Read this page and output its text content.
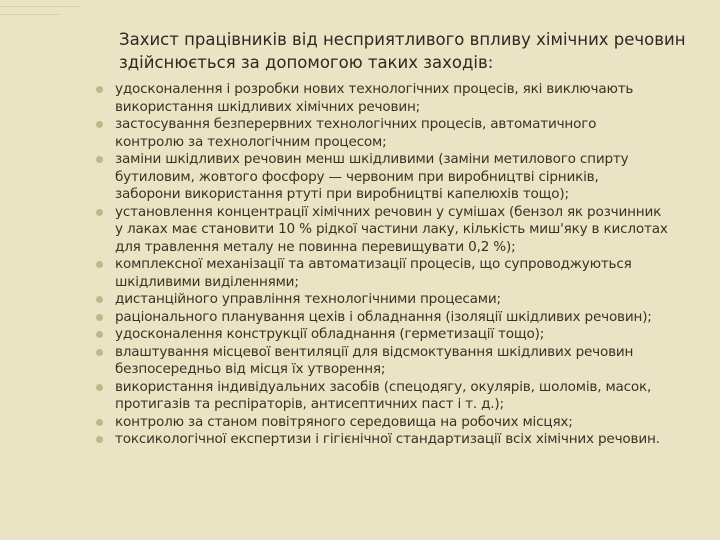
Захист працівників від несприятливого впливу хімічних речовин
здійснюється за допомогою таких заходів:
удосконалення і розробки нових технологічних процесів, які виключають
використання шкідливих хімічних речовин;
застосування безперервних технологічних процесів, автоматичного
контролю за технологічним процесом;
заміни шкідливих речовин менш шкідливими (заміни метилового спирту
бутиловим, жовтого фосфору — червоним при виробництві сірників,
заборони використання ртуті при виробництві капелюхів тощо);
установлення концентрації хімічних речовин у сумішах (бензол як розчинник
у лаках має становити 10 % рідкої частини лаку, кількість миш'яку в кислотах
для травлення металу не повинна перевищувати 0,2 %);
комплексної механізації та автоматизації процесів, що супроводжуються
шкідливими виділеннями;
дистанційного управління технологічними процесами;
раціонального планування цехів і обладнання (ізоляції шкідливих речовин);
удосконалення конструкції обладнання (герметизації тощо);
влаштування місцевої вентиляції для відсмоктування шкідливих речовин
безпосередньо від місця їх утворення;
використання індивідуальних засобів (спецодягу, окулярів, шоломів, масок,
протигазів та респіраторів, антисептичних паст і т. д.);
контролю за станом повітряного середовища на робочих місцях;
токсикологічної експертизи і гігієнічної стандартизації всіх хімічних речовин.
